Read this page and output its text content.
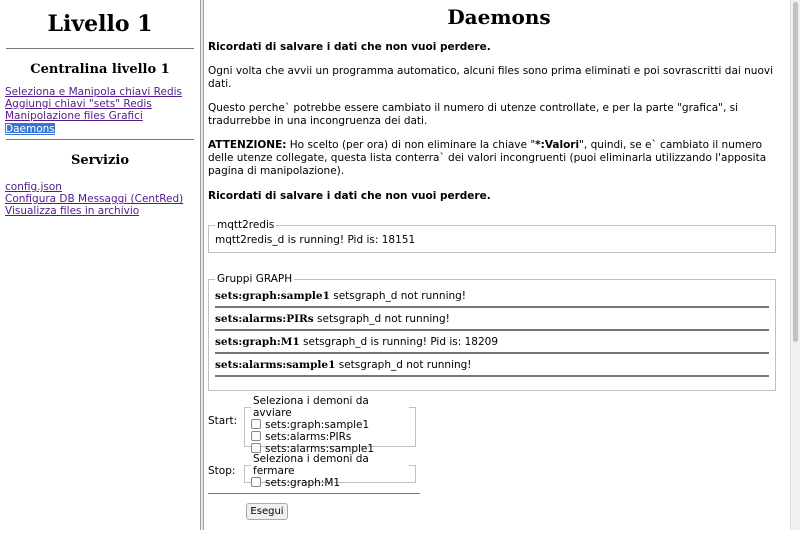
Livello 1
Centralina livello 1
Seleziona e Manipola chiavi Redis
Aggiungi chiavi "sets" Redis
Manipolazione files Grafici
Daemons
Servizio
config.json
Configura DB Messaggi (CentRed)
Visualizza files in archivio
Daemons

Ricordati di salvare i dati che non vuoi perdere.

Ogni volta che avvii un programma automatico, alcuni files sono prima eliminati e poi sovrascritti dai nuovi dati.

Questo perche` potrebbe essere cambiato il numero di utenze controllate, e per la parte "grafica", si tradurrebbe in una incongruenza dei dati.

ATTENZIONE: Ho scelto (per ora) di non eliminare la chiave "*:Valori", quindi, se e` cambiato il numero delle utenze collegate, questa lista conterra` dei valori incongruenti (puoi eliminarla utilizzando l'apposita pagina di manipolazione).

Ricordati di salvare i dati che non vuoi perdere.

mqtt2redis
mqtt2redis_d is running! Pid is: 18151
Gruppi GRAPH
sets:graph:sample1 setsgraph_d not running!
sets:alarms:PIRs setsgraph_d not running!
sets:graph:M1 setsgraph_d is running! Pid is: 18209
sets:alarms:sample1 setsgraph_d not running!
Start:
Seleziona i demoni da avviare
sets:graph:sample1
sets:alarms:PIRs
sets:alarms:sample1
Stop:
Seleziona i demoni da fermare
sets:graph:M1
Esegui
